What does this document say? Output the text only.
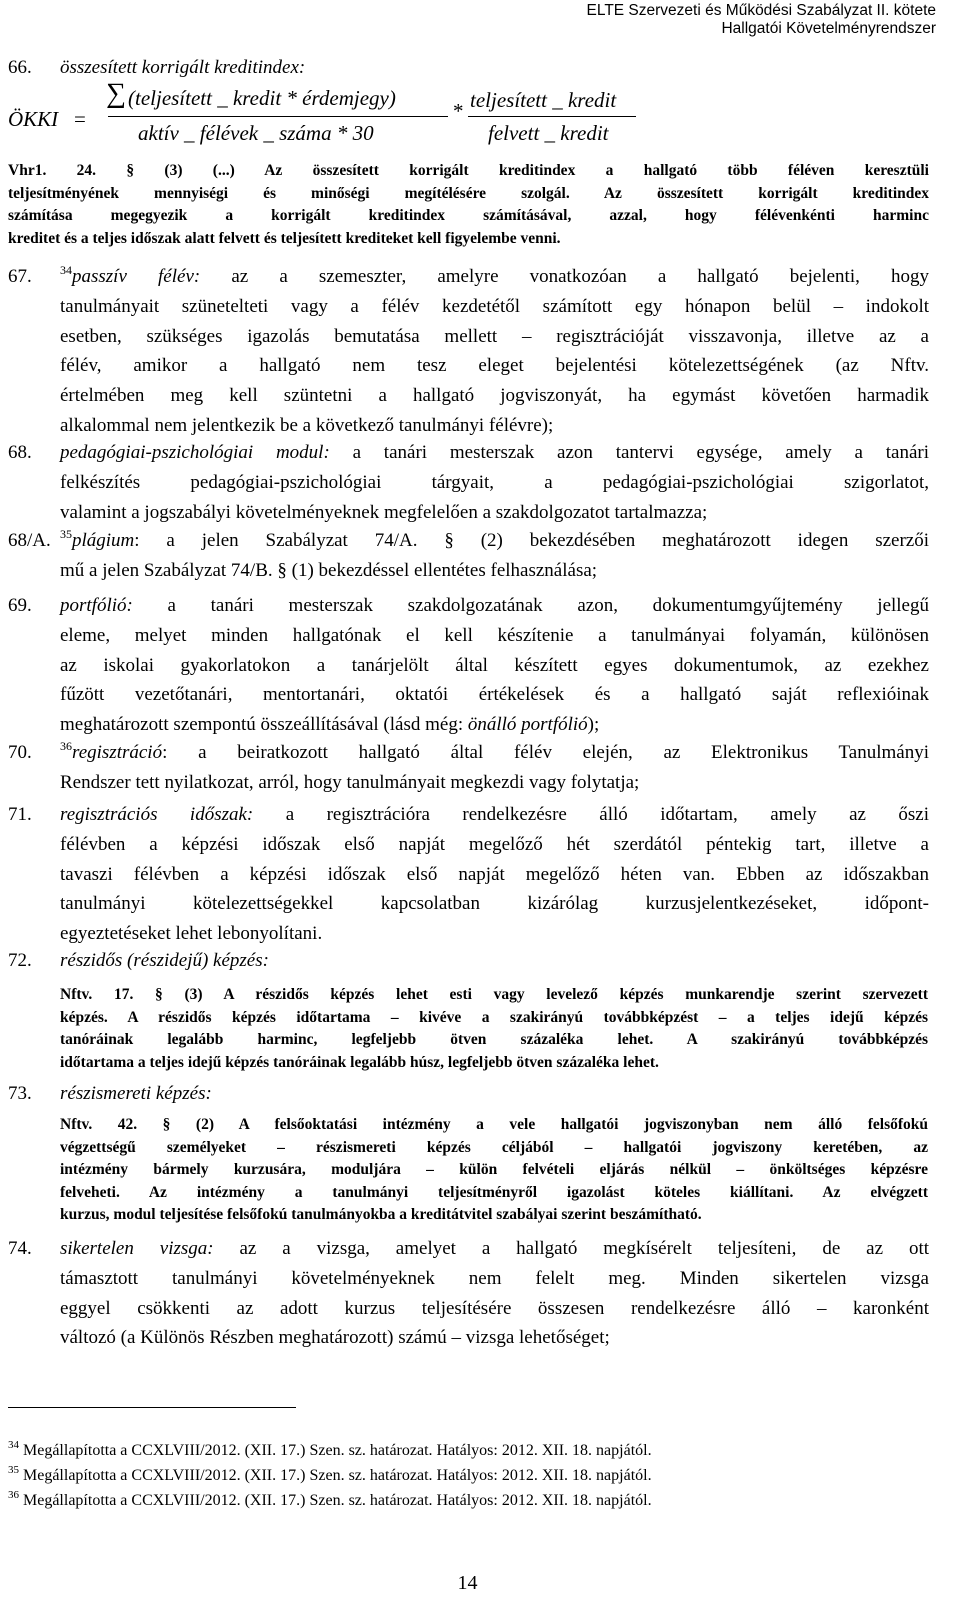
ELTE Szervezeti és Működési Szabályzat II. kötete
Hallgatói Követelményrendszer
66. összesített korrigált kreditindex:
ÖKKI =
∑ (teljesített _ kredit * érdemjegy)
aktív _ félévek _ száma * 30
* teljesített _ kredit
felvett _ kredit
Vhr1. 24. § (3) (...) Az összesített korrigált kreditindex a hallgató több féléven keresztüli
teljesítményének mennyiségi és minőségi megítélésére szolgál. Az összesített korrigált kreditindex
számítása megegyezik a korrigált kreditindex számításával, azzal, hogy félévenkénti harminc
kreditet és a teljes időszak alatt felvett és teljesített krediteket kell figyelembe venni.
67. $^{34}$passzív félév: az a szemeszter, amelyre vonatkozóan a hallgató bejelenti, hogy
tanulmányait szünetelteti vagy a félév kezdetétől számított egy hónapon belül – indokolt
esetben, szükséges igazolás bemutatása mellett – regisztrációját visszavonja, illetve az a
félév, amikor a hallgató nem tesz eleget bejelentési kötelezettségének (az Nftv.
értelmében meg kell szüntetni a hallgató jogviszonyát, ha egymást követően harmadik
alkalommal nem jelentkezik be a következő tanulmányi félévre);
68. pedagógiai-pszichológiai modul: a tanári mesterszak azon tantervi egysége, amely a tanári
felkészítés pedagógiai-pszichológiai tárgyait, a pedagógiai-pszichológiai szigorlatot,
valamint a jogszabályi követelményeknek megfelelően a szakdolgozatot tartalmazza;
68/A. $^{35}$plágium: a jelen Szabályzat 74/A. § (2) bekezdésében meghatározott idegen szerzői
mű a jelen Szabályzat 74/B. § (1) bekezdéssel ellentétes felhasználása;
69. portfólió: a tanári mesterszak szakdolgozatának azon, dokumentumgyűjtemény jellegű
eleme, melyet minden hallgatónak el kell készítenie a tanulmányai folyamán, különösen
az iskolai gyakorlatokon a tanárjelölt által készített egyes dokumentumok, az ezekhez
fűzött vezetőtanári, mentortanári, oktatói értékelések és a hallgató saját reflexióinak
meghatározott szempontú összeállításával (lásd még: önálló portfólió);
70. $^{36}$regisztráció: a beiratkozott hallgató által félév elején, az Elektronikus Tanulmányi
Rendszer tett nyilatkozat, arról, hogy tanulmányait megkezdi vagy folytatja;
71. regisztrációs időszak: a regisztrációra rendelkezésre álló időtartam, amely az őszi
félévben a képzési időszak első napját megelőző hét szerdától péntekig tart, illetve a
tavaszi félévben a képzési időszak első napját megelőző héten van. Ebben az időszakban
tanulmányi kötelezettségekkel kapcsolatban kizárólag kurzusjelentkezéseket, időpont-
egyeztetéseket lehet lebonyolítani.
72. részidős (részidejű) képzés:
Nftv. 17. § (3) A részidős képzés lehet esti vagy levelező képzés munkarendje szerint szervezett
képzés. A részidős képzés időtartama – kivéve a szakirányú továbbképzést – a teljes idejű képzés
tanóráinak legalább harminc, legfeljebb ötven százaléka lehet. A szakirányú továbbképzés
időtartama a teljes idejű képzés tanóráinak legalább húsz, legfeljebb ötven százaléka lehet.
73. részismereti képzés:
Nftv. 42. § (2) A felsőoktatási intézmény a vele hallgatói jogviszonyban nem álló felsőfokú
végzettségű személyeket – részismereti képzés céljából – hallgatói jogviszony keretében, az
intézmény bármely kurzusára, moduljára – külön felvételi eljárás nélkül – önköltséges képzésre
felveheti. Az intézmény a tanulmányi teljesítményről igazolást köteles kiállítani. Az elvégzett
kurzus, modul teljesítése felsőfokú tanulmányokba a kreditátvitel szabályai szerint beszámítható.
74. sikertelen vizsga: az a vizsga, amelyet a hallgató megkísérelt teljesíteni, de az ott
támasztott tanulmányi követelményeknek nem felelt meg. Minden sikertelen vizsga
eggyel csökkenti az adott kurzus teljesítésére összesen rendelkezésre álló – karonként
változó (a Különös Részben meghatározott) számú – vizsga lehetőséget;
$^{34}$ Megállapította a CCXLVIII/2012. (XII. 17.) Szen. sz. határozat. Hatályos: 2012. XII. 18. napjától.
$^{35}$ Megállapította a CCXLVIII/2012. (XII. 17.) Szen. sz. határozat. Hatályos: 2012. XII. 18. napjától.
$^{36}$ Megállapította a CCXLVIII/2012. (XII. 17.) Szen. sz. határozat. Hatályos: 2012. XII. 18. napjától.
14
